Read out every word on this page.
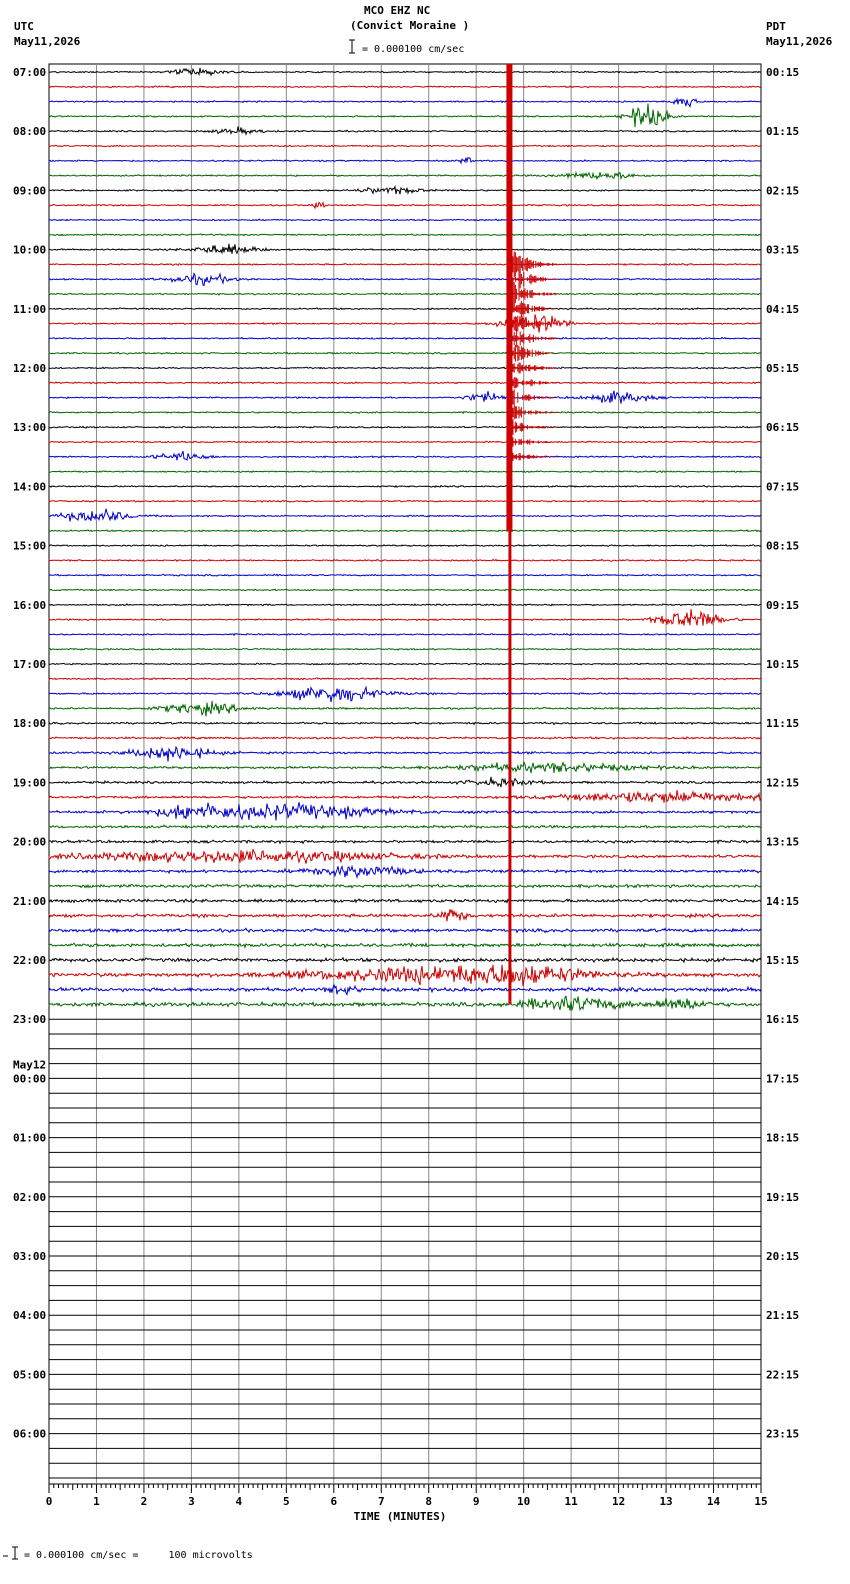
MCO EHZ NC
(Convict Moraine )
UTC
May11,2026
PDT
May11,2026
= 0.000100 cm/sec
= 0.000100 cm/sec =     100 microvolts
0	1	2	3	4	5	6	7	8	9	10	11	12	13	14	15
TIME (MINUTES)
07:00
08:00
09:00
10:00
11:00
12:00
13:00
14:00
15:00
16:00
17:00
18:00
19:00
20:00
21:00
22:00
23:00
May12
00:00
01:00
02:00
03:00
04:00
05:00
06:00
00:15
01:15
02:15
03:15
04:15
05:15
06:15
07:15
08:15
09:15
10:15
11:15
12:15
13:15
14:15
15:15
16:15
17:15
18:15
19:15
20:15
21:15
22:15
23:15
